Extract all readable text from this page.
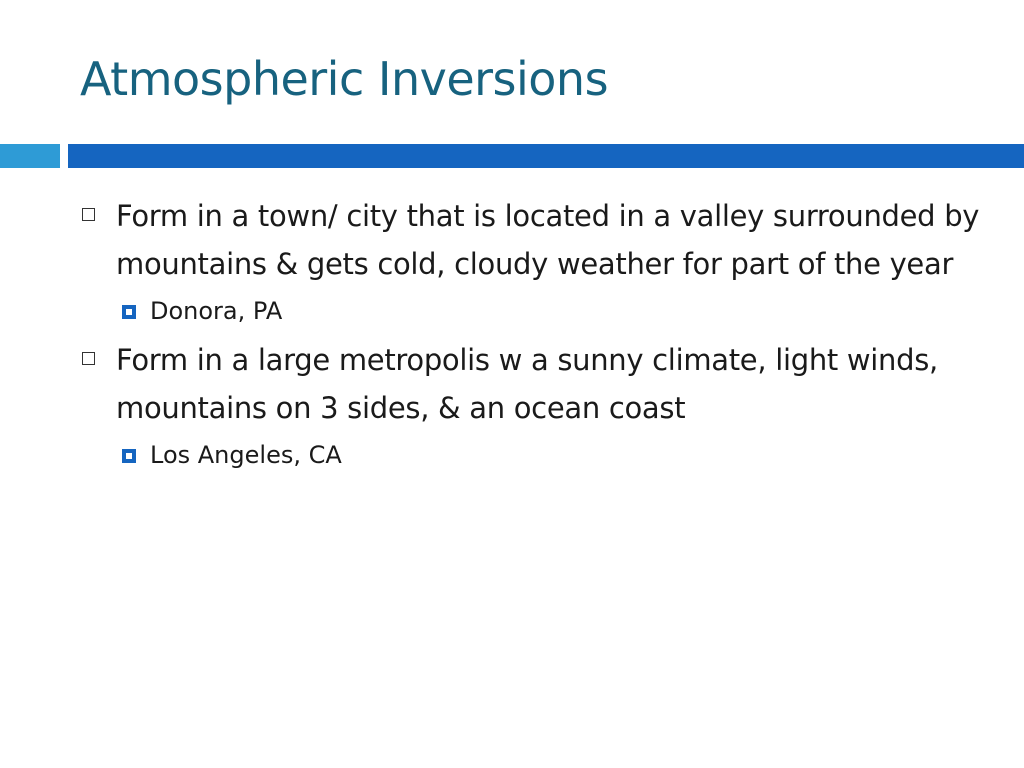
Atmospheric Inversions
Form in a town/ city that is located in a valley surrounded by mountains & gets cold, cloudy weather for part of the year
Donora, PA
Form in a large metropolis w a sunny climate, light winds, mountains on 3 sides, & an ocean coast
Los Angeles, CA
